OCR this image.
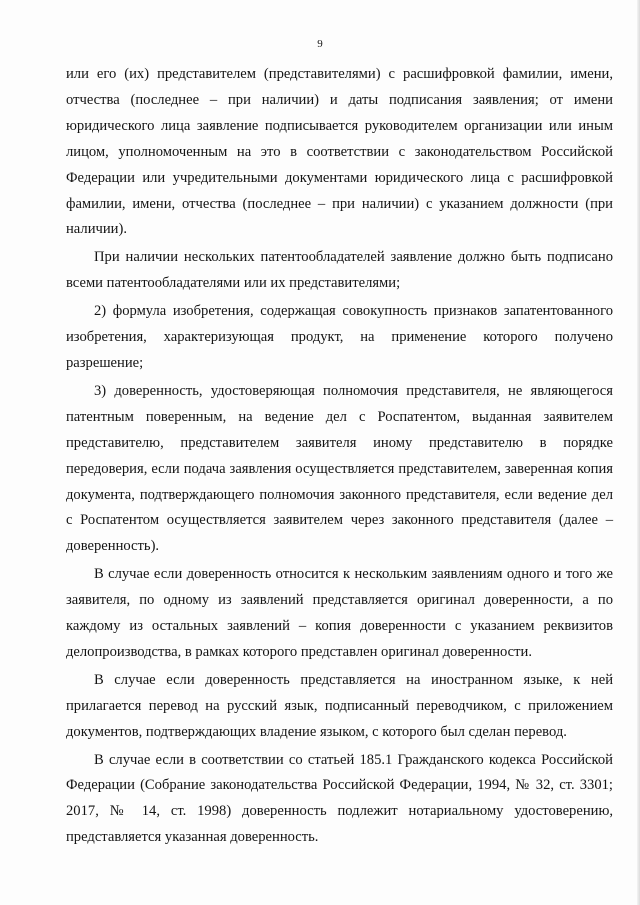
9

или его (их) представителем (представителями) с расшифровкой фамилии, имени, отчества (последнее – при наличии) и даты подписания заявления; от имени юридического лица заявление подписывается руководителем организации или иным лицом, уполномоченным на это в соответствии с законодательством Российской Федерации или учредительными документами юридического лица с расшифровкой фамилии, имени, отчества (последнее – при наличии) с указанием должности (при наличии).

При наличии нескольких патентообладателей заявление должно быть подписано всеми патентообладателями или их представителями;

2) формула изобретения, содержащая совокупность признаков запатентованного изобретения, характеризующая продукт, на применение которого получено разрешение;

3) доверенность, удостоверяющая полномочия представителя, не являющегося патентным поверенным, на ведение дел с Роспатентом, выданная заявителем представителю, представителем заявителя иному представителю в порядке передоверия, если подача заявления осуществляется представителем, заверенная копия документа, подтверждающего полномочия законного представителя, если ведение дел с Роспатентом осуществляется заявителем через законного представителя (далее – доверенность).

В случае если доверенность относится к нескольким заявлениям одного и того же заявителя, по одному из заявлений представляется оригинал доверенности, а по каждому из остальных заявлений – копия доверенности с указанием реквизитов делопроизводства, в рамках которого представлен оригинал доверенности.

В случае если доверенность представляется на иностранном языке, к ней прилагается перевод на русский язык, подписанный переводчиком, с приложением документов, подтверждающих владение языком, с которого был сделан перевод.

В случае если в соответствии со статьей 185.1 Гражданского кодекса Российской Федерации (Собрание законодательства Российской Федерации, 1994, № 32, ст. 3301; 2017, № 14, ст. 1998) доверенность подлежит нотариальному удостоверению, представляется указанная доверенность.
